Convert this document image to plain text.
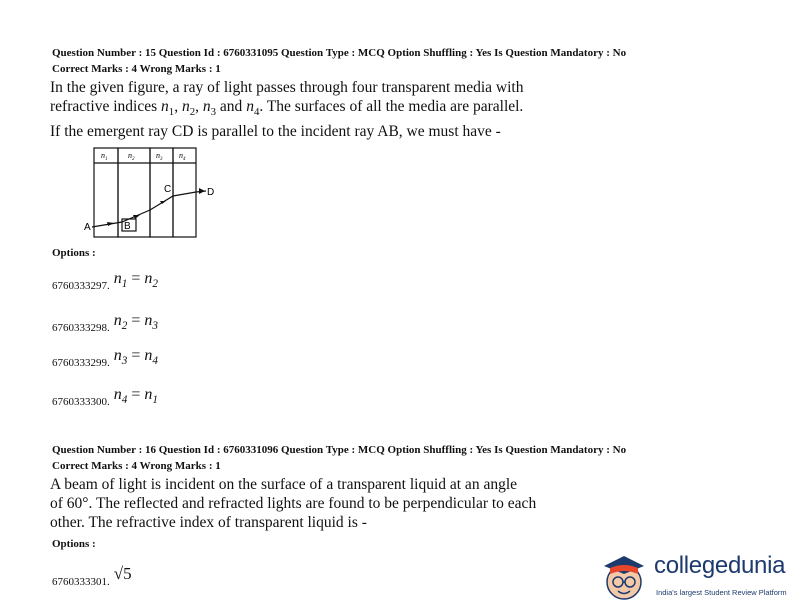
Question Number : 15 Question Id : 6760331095 Question Type : MCQ Option Shuffling : Yes Is Question Mandatory : No
Correct Marks : 4 Wrong Marks : 1

In the given figure, a ray of light passes through four transparent media with

refractive indices $n_1$, $n_2$, $n_3$ and $n_4$. The surfaces of all the media are parallel.

If the emergent ray CD is parallel to the incident ray AB, we must have -

$n_1$	$n_2$	$n_3$ $n_4$
A	B
C	D
Options :
6760333297. $n_1 = n_2$
6760333298. $n_2 = n_3$
6760333299. $n_3 = n_4$
6760333300. $n_4 = n_1$
Question Number : 16 Question Id : 6760331096 Question Type : MCQ Option Shuffling : Yes Is Question Mandatory : No
Correct Marks : 4 Wrong Marks : 1

A beam of light is incident on the surface of a transparent liquid at an angle

of 60°. The reflected and refracted lights are found to be perpendicular to each

other. The refractive index of transparent liquid is -

Options :
6760333301. √5	collegedunia
India's largest Student Review Platform
